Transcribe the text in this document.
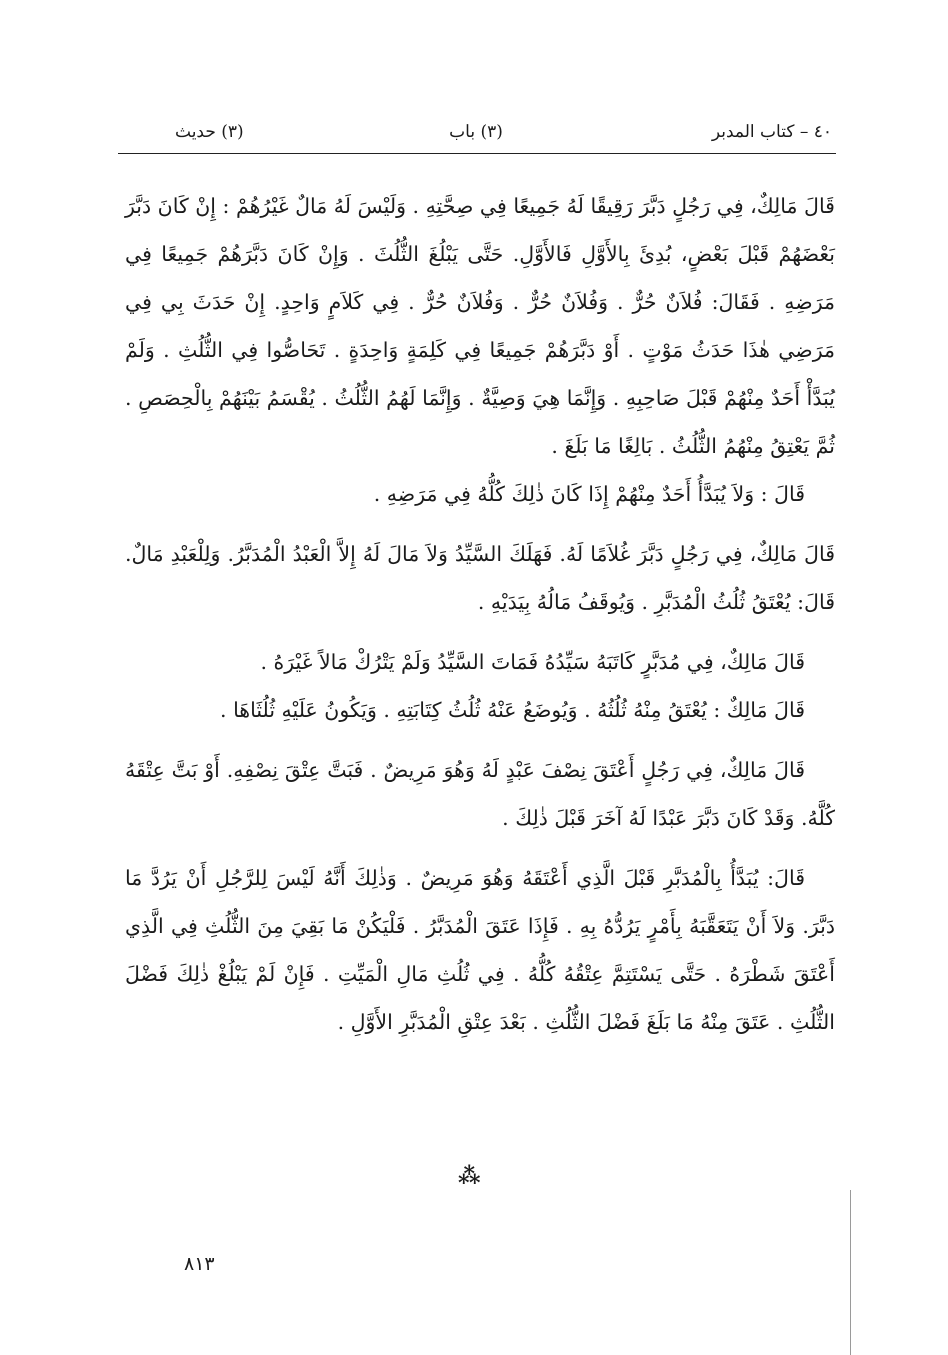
٤٠ – كتاب المدبر
(٣) باب
(٣) حديث

قَالَ مَالِكٌ، فِي رَجُلٍ دَبَّرَ رَقِيقًا لَهُ جَمِيعًا فِي صِحَّتِهِ . وَلَيْسَ لَهُ مَالٌ غَيْرُهُمْ : إِنْ كَانَ دَبَّرَ بَعْضَهُمْ قَبْلَ بَعْضٍ، بُدِئَ بِالأَوَّلِ فَالأَوَّلِ. حَتَّى يَبْلُغَ الثُّلُثَ . وَإِنْ كَانَ دَبَّرَهُمْ جَمِيعًا فِي مَرَضِهِ . فَقَالَ: فُلاَنٌ حُرٌّ . وَفُلاَنٌ حُرٌّ . وَفُلاَنٌ حُرٌّ . فِي كَلاَمٍ وَاحِدٍ. إِنْ حَدَثَ بِي فِي مَرَضِي هٰذَا حَدَثُ مَوْتٍ . أَوْ دَبَّرَهُمْ جَمِيعًا فِي كَلِمَةٍ وَاحِدَةٍ . تَحَاصُّوا فِي الثُّلُثِ . وَلَمْ يُبَدَّأْ أَحَدٌ مِنْهُمْ قَبْلَ صَاحِبِهِ . وَإِنَّمَا هِيَ وَصِيَّةٌ . وَإِنَّمَا لَهُمُ الثُّلُثُ . يُقْسَمُ بَيْنَهُمْ بِالْحِصَصِ . ثُمَّ يَعْتِقُ مِنْهُمُ الثُّلُثُ . بَالِغًا مَا بَلَغَ .

قَالَ : وَلاَ يُبَدَّأُ أَحَدٌ مِنْهُمْ إِذَا كَانَ ذٰلِكَ كُلُّهُ فِي مَرَضِهِ .

قَالَ مَالِكٌ، فِي رَجُلٍ دَبَّرَ غُلاَمًا لَهُ. فَهَلَكَ السَّيِّدُ وَلاَ مَالَ لَهُ إِلاَّ الْعَبْدُ الْمُدَبَّرُ. وَلِلْعَبْدِ مَالٌ. قَالَ: يُعْتَقُ ثُلُثُ الْمُدَبَّرِ . وَيُوقَفُ مَالُهُ بِيَدَيْهِ .

قَالَ مَالِكٌ، فِي مُدَبَّرٍ كَاتَبَهُ سَيِّدُهُ فَمَاتَ السَّيِّدُ وَلَمْ يَتْرُكْ مَالاً غَيْرَهُ .

قَالَ مَالِكٌ : يُعْتَقُ مِنْهُ ثُلُثُهُ . وَيُوضَعُ عَنْهُ ثُلُثُ كِتَابَتِهِ . وَيَكُونُ عَلَيْهِ ثُلُثَاهَا .

قَالَ مَالِكٌ، فِي رَجُلٍ أَعْتَقَ نِصْفَ عَبْدٍ لَهُ وَهُوَ مَرِيضٌ . فَبَتَّ عِتْقَ نِصْفِهِ. أَوْ بَتَّ عِتْقَهُ كُلَّهُ. وَقَدْ كَانَ دَبَّرَ عَبْدًا لَهُ آخَرَ قَبْلَ ذٰلِكَ .

قَالَ: يُبَدَّأُ بِالْمُدَبَّرِ قَبْلَ الَّذِي أَعْتَقَهُ وَهُوَ مَرِيضٌ . وَذٰلِكَ أَنَّهُ لَيْسَ لِلرَّجُلِ أَنْ يَرُدَّ مَا دَبَّرَ. وَلاَ أَنْ يَتَعَقَّبَهُ بِأَمْرٍ يَرُدُّهُ بِهِ . فَإِذَا عَتَقَ الْمُدَبَّرُ . فَلْيَكُنْ مَا بَقِيَ مِنَ الثُّلُثِ فِي الَّذِي أَعْتَقَ شَطْرَهُ . حَتَّى يَسْتَتِمَّ عِتْقُهُ كُلُّهُ . فِي ثُلُثِ مَالِ الْمَيِّتِ . فَإِنْ لَمْ يَبْلُغْ ذٰلِكَ فَضْلَ الثُّلُثِ . عَتَقَ مِنْهُ مَا بَلَغَ فَضْلَ الثُّلُثِ . بَعْدَ عِتْقِ الْمُدَبَّرِ الأَوَّلِ .

⁂
٨١٣
